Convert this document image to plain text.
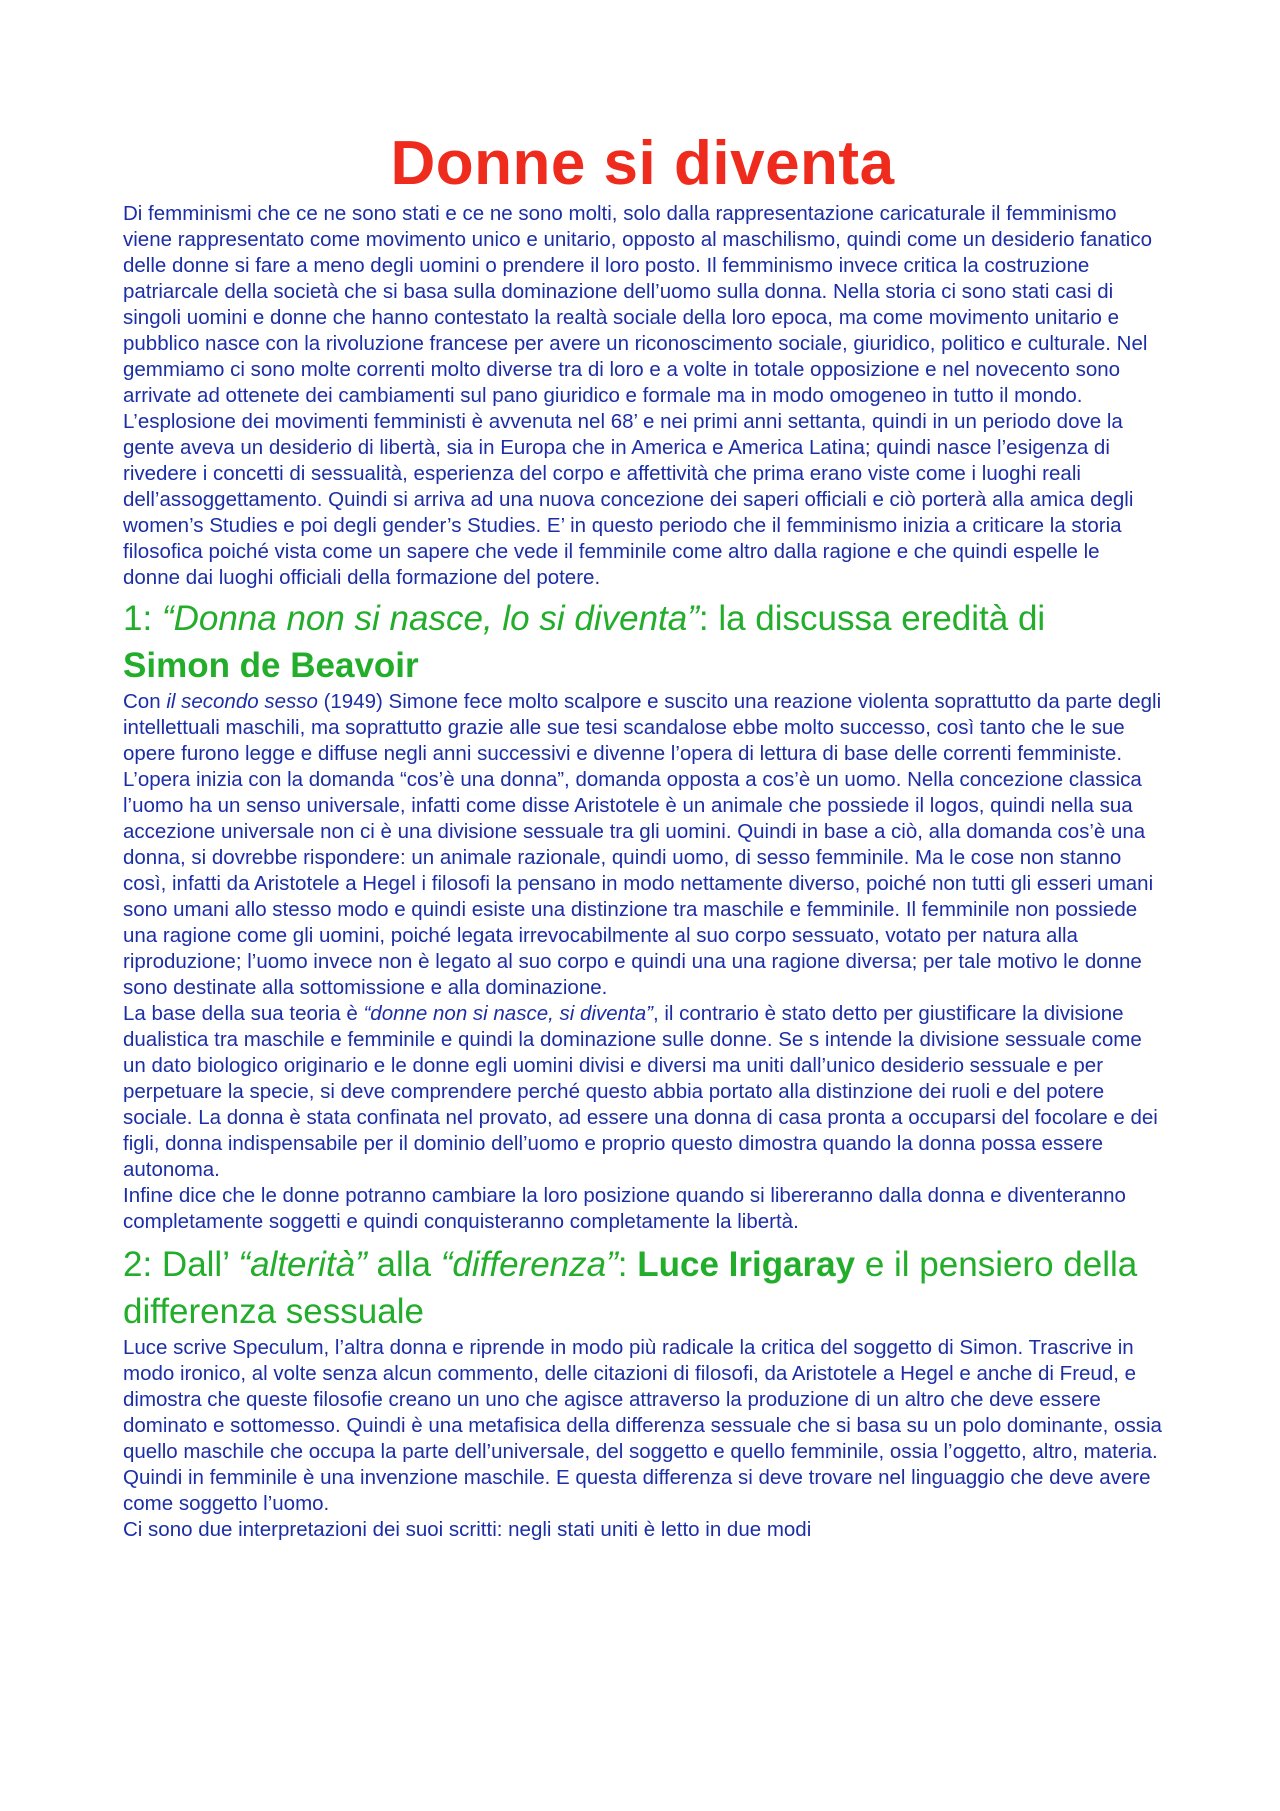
Donne si diventa

Di femminismi che ce ne sono stati e ce ne sono molti, solo dalla rappresentazione caricaturale il femminismo viene rappresentato come movimento unico e unitario, opposto al maschilismo, quindi come un desiderio fanatico delle donne si fare a meno degli uomini o prendere il loro posto. Il femminismo invece critica la costruzione patriarcale della società che si basa sulla dominazione dell’uomo sulla donna. Nella storia ci sono stati casi di singoli uomini e donne che hanno contestato la realtà sociale della loro epoca, ma come movimento unitario e pubblico nasce con la rivoluzione francese per avere un riconoscimento sociale, giuridico, politico e culturale. Nel gemmiamo ci sono molte correnti molto diverse tra di loro e a volte in totale opposizione e nel novecento sono arrivate ad ottenete dei cambiamenti sul pano giuridico e formale ma in modo omogeneo in tutto il mondo. L’esplosione dei movimenti femministi è avvenuta nel 68’ e nei primi anni settanta, quindi in un periodo dove la gente aveva un desiderio di libertà, sia in Europa che in America e America Latina; quindi nasce l’esigenza di rivedere i concetti di sessualità, esperienza del corpo e affettività che prima erano viste come i luoghi reali dell’assoggettamento. Quindi si arriva ad una nuova concezione dei saperi officiali e ciò porterà alla amica degli women’s Studies e poi degli gender’s Studies. E’ in questo periodo che il femminismo inizia a criticare la storia filosofica poiché vista come un sapere che vede il femminile come altro dalla ragione e che quindi espelle le donne dai luoghi officiali della formazione del potere.

1: “Donna non si nasce, lo si diventa”: la discussa eredità di
Simon de Beavoir

Con il secondo sesso (1949) Simone fece molto scalpore e suscito una reazione violenta soprattutto da parte degli intellettuali maschili, ma soprattutto grazie alle sue tesi scandalose ebbe molto successo, così tanto che le sue opere furono legge e diffuse negli anni successivi e divenne l’opera di lettura di base delle correnti femministe.

L’opera inizia con la domanda “cos’è una donna”, domanda opposta a cos’è un uomo. Nella concezione classica l’uomo ha un senso universale, infatti come disse Aristotele è un animale che possiede il logos, quindi nella sua accezione universale non ci è una divisione sessuale tra gli uomini. Quindi in base a ciò, alla domanda cos’è una donna, si dovrebbe rispondere: un animale razionale, quindi uomo, di sesso femminile. Ma le cose non stanno così, infatti da Aristotele a Hegel i filosofi la pensano in modo nettamente diverso, poiché non tutti gli esseri umani sono umani allo stesso modo e quindi esiste una distinzione tra maschile e femminile. Il femminile non possiede una ragione come gli uomini, poiché legata irrevocabilmente al suo corpo sessuato, votato per natura alla riproduzione; l’uomo invece non è legato al suo corpo e quindi una una ragione diversa; per tale motivo le donne sono destinate alla sottomissione e alla dominazione.

La base della sua teoria è “donne non si nasce, si diventa”, il contrario è stato detto per giustificare la divisione dualistica tra maschile e femminile e quindi la dominazione sulle donne. Se s intende la divisione sessuale come un dato biologico originario e le donne egli uomini divisi e diversi ma uniti dall’unico desiderio sessuale e per perpetuare la specie, si deve comprendere perché questo abbia portato alla distinzione dei ruoli e del potere sociale. La donna è stata confinata nel provato, ad essere una donna di casa pronta a occuparsi del focolare e dei figli, donna indispensabile per il dominio dell’uomo e proprio questo dimostra quando la donna possa essere autonoma.

Infine dice che le donne potranno cambiare la loro posizione quando si libereranno dalla donna e diventeranno completamente soggetti e quindi conquisteranno completamente la libertà.

2: Dall’ “alterità” alla “differenza”: Luce Irigaray e il pensiero della differenza sessuale

Luce scrive Speculum, l’altra donna e riprende in modo più radicale la critica del soggetto di Simon. Trascrive in modo ironico, al volte senza alcun commento, delle citazioni di filosofi, da Aristotele a Hegel e anche di Freud, e dimostra che queste filosofie creano un uno che agisce attraverso la produzione di un altro che deve essere dominato e sottomesso. Quindi è una metafisica della differenza sessuale che si basa su un polo dominante, ossia quello maschile che occupa la parte dell’universale, del soggetto e quello femminile, ossia l’oggetto, altro, materia. Quindi in femminile è una invenzione maschile. E questa differenza si deve trovare nel linguaggio che deve avere come soggetto l’uomo.

Ci sono due interpretazioni dei suoi scritti: negli stati uniti è letto in due modi
